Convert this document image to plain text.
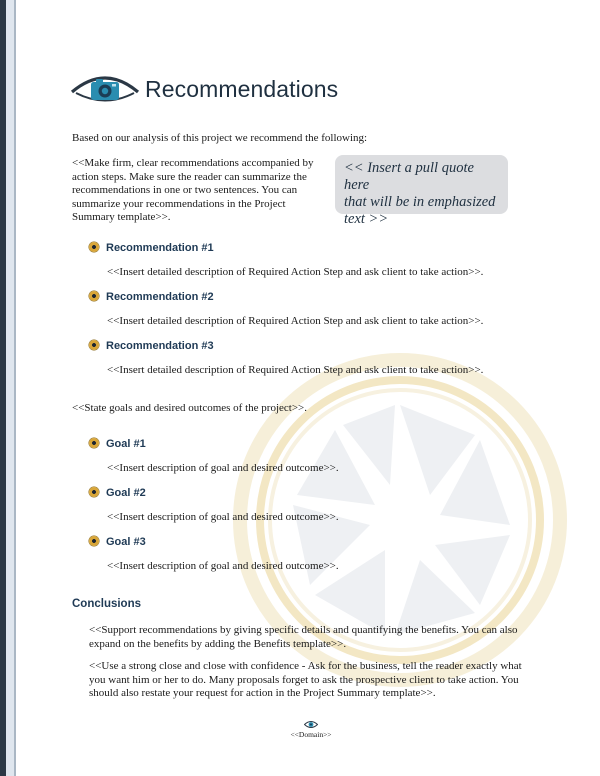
Recommendations
Based on our analysis of this project we recommend the following:
<<Make firm, clear recommendations accompanied by
action steps. Make sure the reader can summarize the
recommendations in one or two sentences. You can
summarize your recommendations in the Project
Summary template>>.
<< Insert a pull quote here
that will be in emphasized
text >>
Recommendation #1
<<Insert detailed description of Required Action Step and ask client to take action>>.
Recommendation #2
<<Insert detailed description of Required Action Step and ask client to take action>>.
Recommendation #3
<<Insert detailed description of Required Action Step and ask client to take action>>.
<<State goals and desired outcomes of the project>>.
Goal #1
<<Insert description of goal and desired outcome>>.
Goal #2
<<Insert description of goal and desired outcome>>.
Goal #3
<<Insert description of goal and desired outcome>>.
Conclusions
<<Support recommendations by giving specific details and quantifying the benefits. You can also
expand on the benefits by adding the Benefits template>>.
<<Use a strong close and close with confidence - Ask for the business, tell the reader exactly what
you want him or her to do. Many proposals forget to ask the prospective client to take action. You
should also restate your request for action in the Project Summary template>>.
<<Domain>>
